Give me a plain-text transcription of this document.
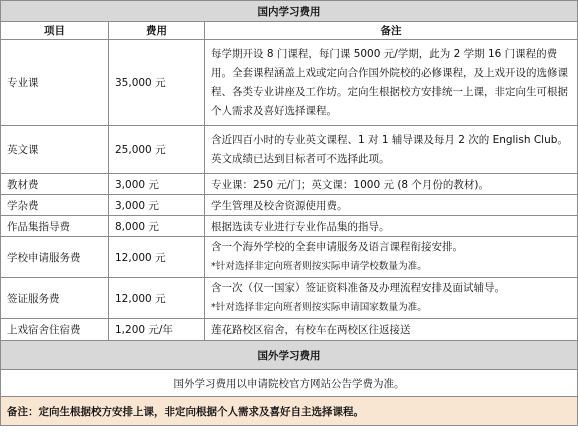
国内学习费用		
项目	费用	备注
专业课	35,000 元	每学期开设 8 门课程，每门课 5000 元/学期，此为 2 学期 16 门课程的费用。全套课程涵盖上戏或定向合作国外院校的必修课程，及上戏开设的选修课程、各类专业讲座及工作坊。定向生根据校方安排统一上课，非定向生可根据个人需求及喜好选择课程。
英文课	25,000 元	含近四百小时的专业英文课程、1 对 1 辅导课及每月 2 次的 English Club。英文成绩已达到目标者可不选择此项。
教材费	3,000 元	专业课：250 元/门；英文课：1000 元 (8 个月份的教材)。
学杂费	3,000 元	学生管理及校舍资源使用费。
作品集指导费	8,000 元	根据选读专业进行专业作品集的指导。
学校申请服务费	12,000 元	含一个海外学校的全套申请服务及语言课程衔接安排。
*针对选择非定向班者则按实际申请学校数量为准。

签证服务费	12,000 元	含一次（仅一国家）签证资料准备及办理流程安排及面试辅导。
*针对选择非定向班者则按实际申请国家数量为准。

上戏宿舍住宿费	1,200 元/年	莲花路校区宿舍，有校车在两校区往返接送
国外学习费用		
国外学习费用以申请院校官方网站公告学费为准。		
备注：定向生根据校方安排上课，非定向根据个人需求及喜好自主选择课程。		
